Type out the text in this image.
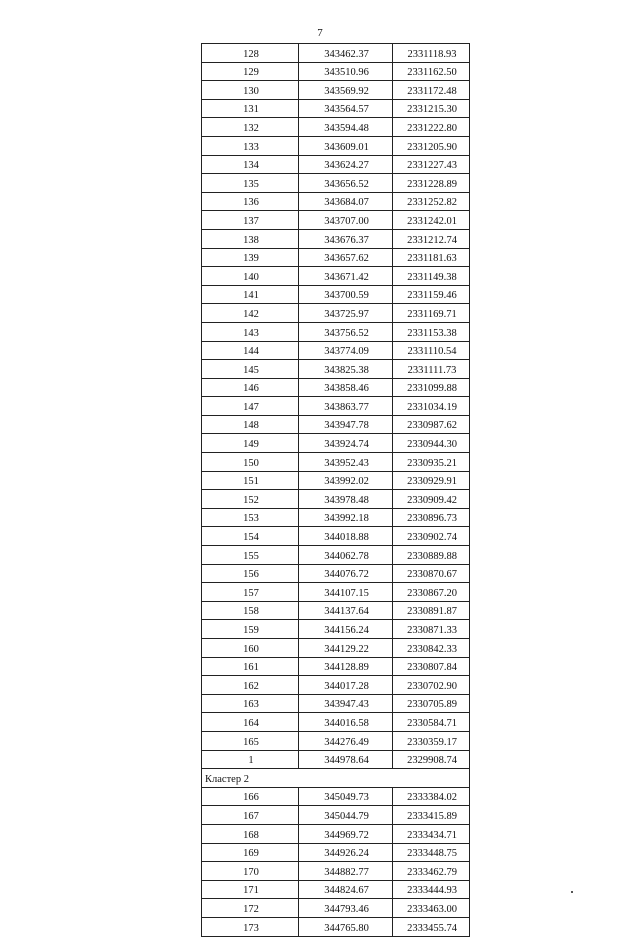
7
128	343462.37	2331118.93
129	343510.96	2331162.50
130	343569.92	2331172.48
131	343564.57	2331215.30
132	343594.48	2331222.80
133	343609.01	2331205.90
134	343624.27	2331227.43
135	343656.52	2331228.89
136	343684.07	2331252.82
137	343707.00	2331242.01
138	343676.37	2331212.74
139	343657.62	2331181.63
140	343671.42	2331149.38
141	343700.59	2331159.46
142	343725.97	2331169.71
143	343756.52	2331153.38
144	343774.09	2331110.54
145	343825.38	2331111.73
146	343858.46	2331099.88
147	343863.77	2331034.19
148	343947.78	2330987.62
149	343924.74	2330944.30
150	343952.43	2330935.21
151	343992.02	2330929.91
152	343978.48	2330909.42
153	343992.18	2330896.73
154	344018.88	2330902.74
155	344062.78	2330889.88
156	344076.72	2330870.67
157	344107.15	2330867.20
158	344137.64	2330891.87
159	344156.24	2330871.33
160	344129.22	2330842.33
161	344128.89	2330807.84
162	344017.28	2330702.90
163	343947.43	2330705.89
164	344016.58	2330584.71
165	344276.49	2330359.17
1	344978.64	2329908.74
Кластер 2		
166	345049.73	2333384.02
167	345044.79	2333415.89
168	344969.72	2333434.71
169	344926.24	2333448.75
170	344882.77	2333462.79
171	344824.67	2333444.93
172	344793.46	2333463.00
173	344765.80	2333455.74
